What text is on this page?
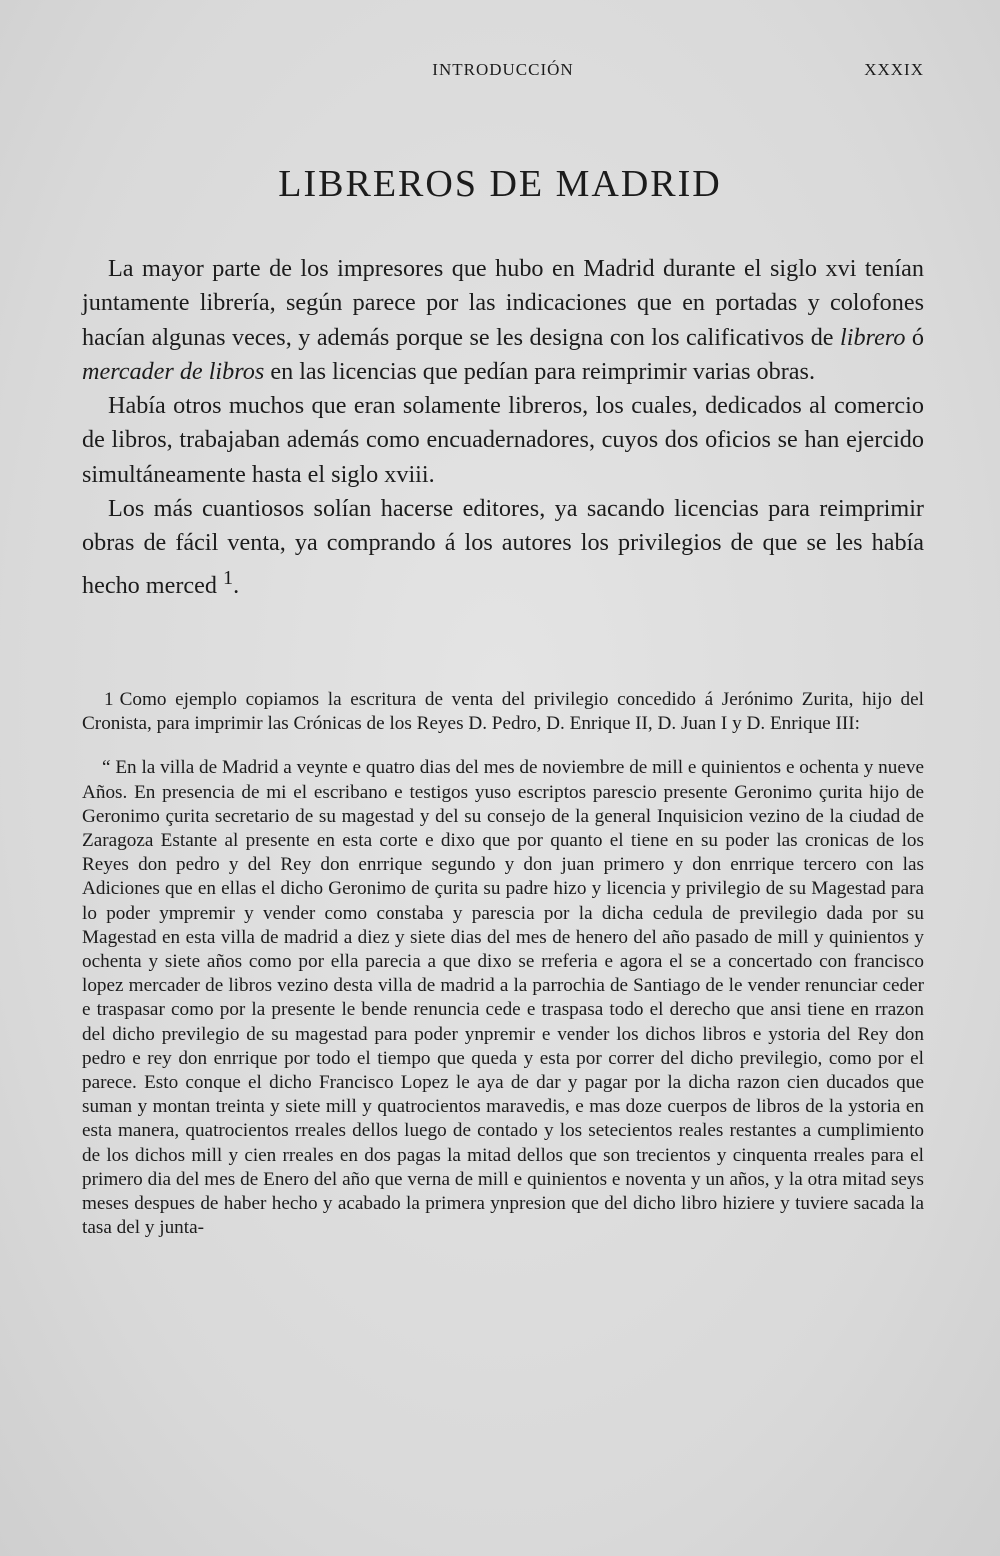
INTRODUCCIÓN	XXXIX
LIBREROS DE MADRID

La mayor parte de los impresores que hubo en Madrid durante el siglo xvi tenían juntamente librería, según parece por las indicaciones que en portadas y colofones hacían algunas veces, y además porque se les designa con los calificativos de librero ó mercader de libros en las licencias que pedían para reimprimir varias obras.

Había otros muchos que eran solamente libreros, los cuales, dedicados al comercio de libros, trabajaban además como encuadernadores, cuyos dos oficios se han ejercido simultáneamente hasta el siglo xviii.

Los más cuantiosos solían hacerse editores, ya sacando licencias para reimprimir obras de fácil venta, ya comprando á los autores los privilegios de que se les había hecho merced $^1$.

1 Como ejemplo copiamos la escritura de venta del privilegio concedido á Jerónimo Zurita, hijo del Cronista, para imprimir las Crónicas de los Reyes D. Pedro, D. Enrique II, D. Juan I y D. Enrique III:

“ En la villa de Madrid a veynte e quatro dias del mes de noviembre de mill e quinientos e ochenta y nueve Años. En presencia de mi el escribano e testigos yuso escriptos parescio presente Geronimo çurita hijo de Geronimo çurita secretario de su magestad y del su consejo de la general Inquisicion vezino de la ciudad de Zaragoza Estante al presente en esta corte e dixo que por quanto el tiene en su poder las cronicas de los Reyes don pedro y del Rey don enrrique segundo y don juan primero y don enrrique tercero con las Adiciones que en ellas el dicho Geronimo de çurita su padre hizo y licencia y privilegio de su Magestad para lo poder ympremir y vender como constaba y parescia por la dicha cedula de previlegio dada por su Magestad en esta villa de madrid a diez y siete dias del mes de henero del año pasado de mill y quinientos y ochenta y siete años como por ella parecia a que dixo se rreferia e agora el se a concertado con francisco lopez mercader de libros vezino desta villa de madrid a la parrochia de Santiago de le vender renunciar ceder e traspasar como por la presente le bende renuncia cede e traspasa todo el derecho que ansi tiene en rrazon del dicho previlegio de su magestad para poder ynpremir e vender los dichos libros e ystoria del Rey don pedro e rey don enrrique por todo el tiempo que queda y esta por correr del dicho previlegio, como por el parece. Esto conque el dicho Francisco Lopez le aya de dar y pagar por la dicha razon cien ducados que suman y montan treinta y siete mill y quatrocientos maravedis, e mas doze cuerpos de libros de la ystoria en esta manera, quatrocientos rreales dellos luego de contado y los setecientos reales restantes a cumplimiento de los dichos mill y cien rreales en dos pagas la mitad dellos que son trecientos y cinquenta rreales para el primero dia del mes de Enero del año que verna de mill e quinientos e noventa y un años, y la otra mitad seys meses despues de haber hecho y acabado la primera ynpresion que del dicho libro hiziere y tuviere sacada la tasa del y junta-
